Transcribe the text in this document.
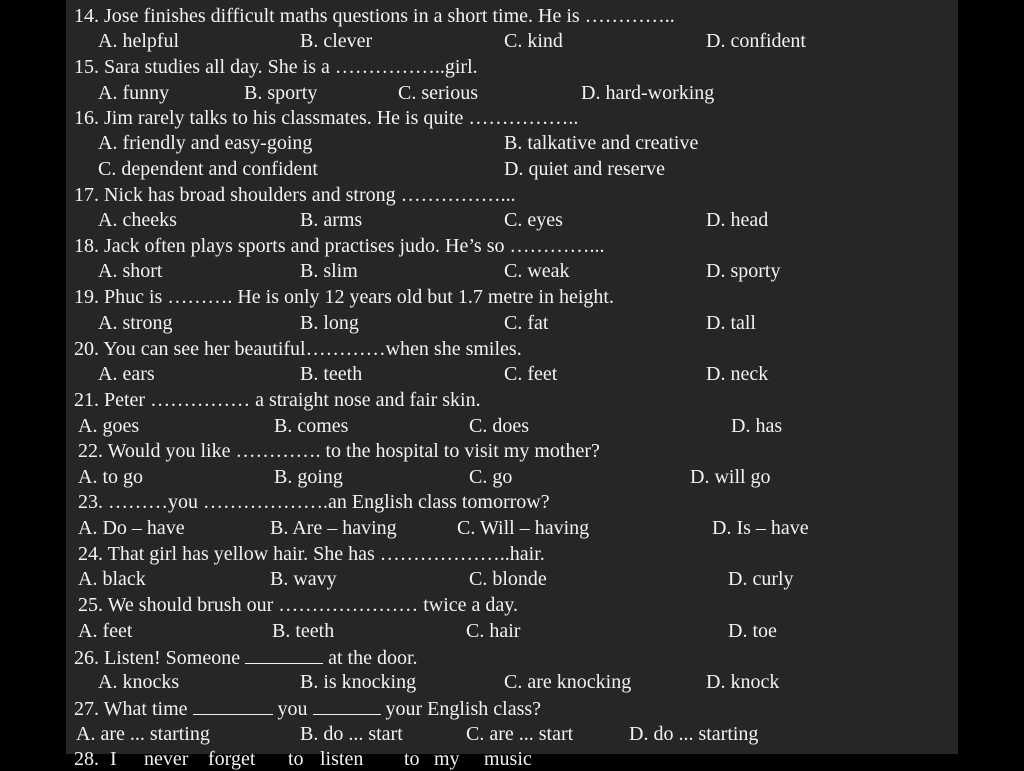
14. Jose finishes difficult maths questions in a short time. He is …………..
A. helpful	B. clever	C. kind	D. confident
15. Sara studies all day. She is a ……………..girl.
A. funny	B. sporty	C. serious	D. hard-working
16. Jim rarely talks to his classmates. He is quite ……………..
A. friendly and easy-going	B. talkative and creative
C. dependent and confident	D. quiet and reserve
17. Nick has broad shoulders and strong ……………...
A. cheeks	B. arms	C. eyes	D. head
18. Jack often plays sports and practises judo. He’s so …………...
A. short	B. slim	C. weak	D. sporty
19. Phuc is ………. He is only 12 years old but 1.7 metre in height.
A. strong	B. long	C. fat	D. tall
20. You can see her beautiful…………when she smiles.
A. ears	B. teeth	C. feet	D. neck
21. Peter …………… a straight nose and fair skin.
A. goes	B. comes	C. does	D. has
22. Would you like …………. to the hospital to visit my mother?
A. to go	B. going	C. go	D. will go
23. ………you ……………….an English class tomorrow?
A. Do – have	B. Are – having	C. Will – having	D. Is – have
24. That girl has yellow hair. She has ………………..hair.
A. black	B. wavy	C. blonde	D. curly
25. We should brush our ………………… twice a day.
A. feet	B. teeth	C. hair	D. toe
26. Listen! Someone	at the door.
A. knocks	B. is knocking	C. are knocking	D. knock
27. What time	you	your English class?
A. are ... starting	B. do ... start	C. are ... start	D. do ... starting
28. I never forget to listen to my music
